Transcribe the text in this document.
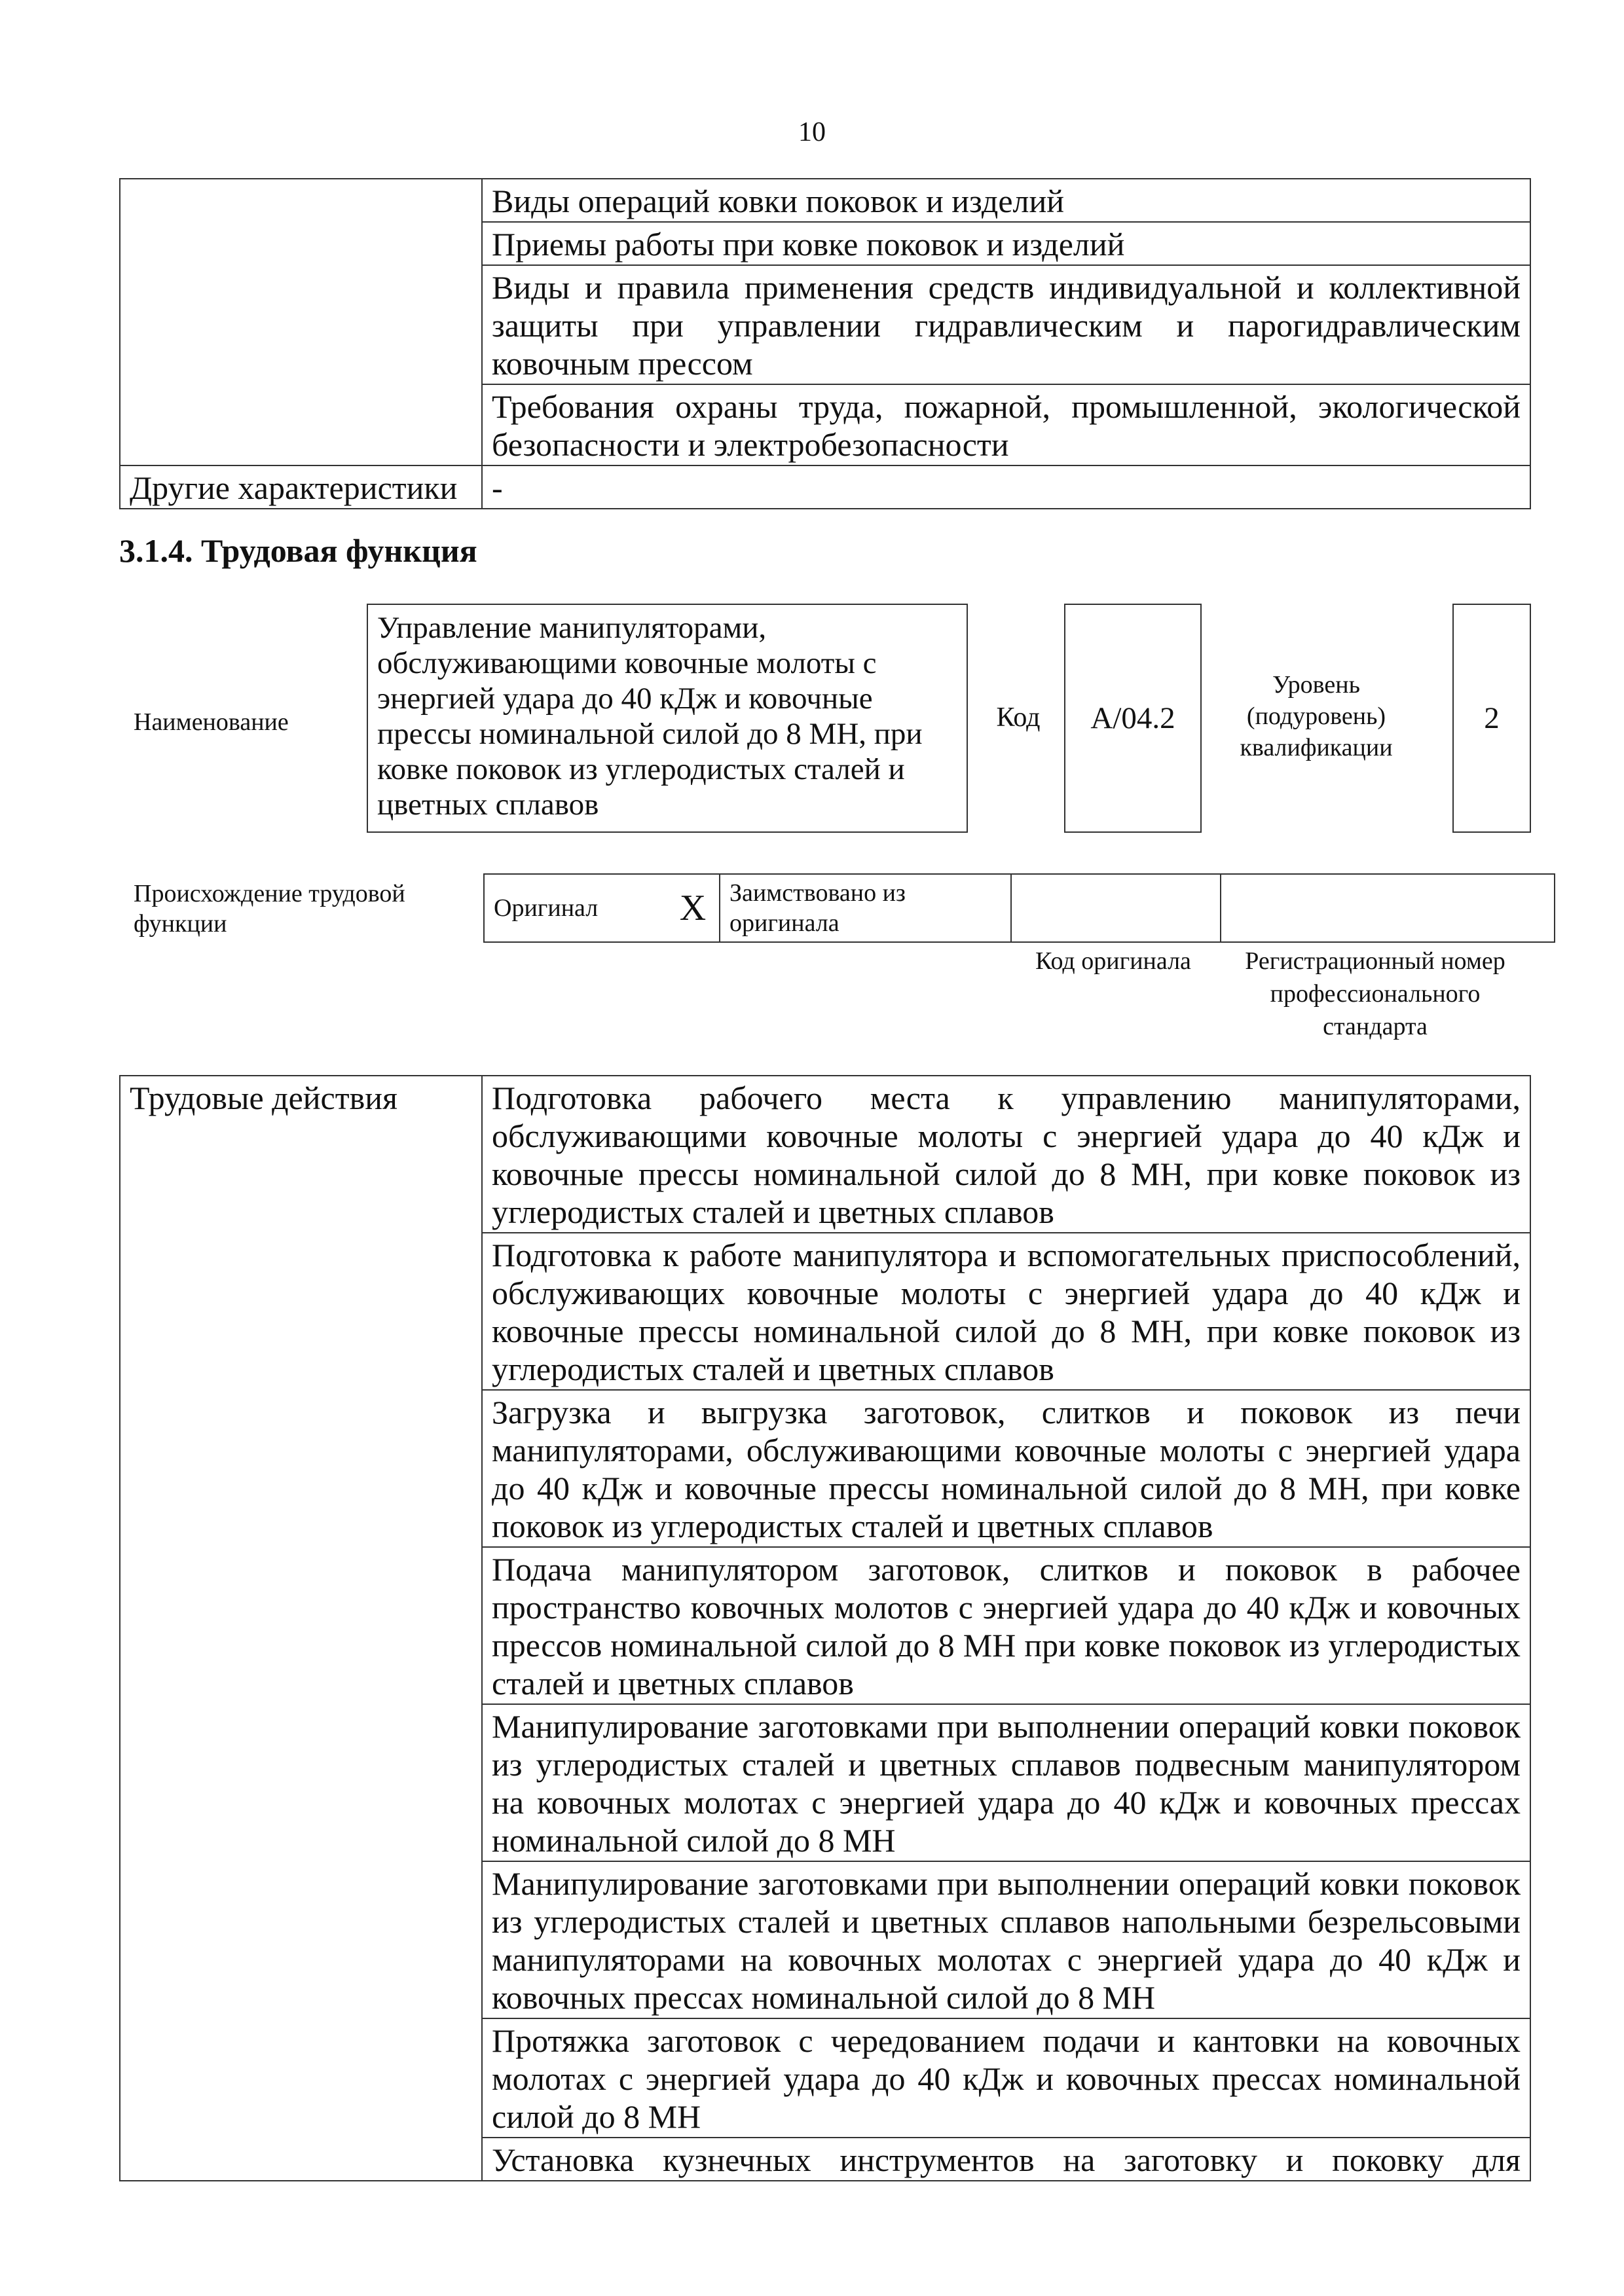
10
	Виды операций ковки поковок и изделий
	Приемы работы при ковке поковок и изделий
	Виды и правила применения средств индивидуальной и коллективной защиты при управлении гидравлическим и парогидравлическим ковочным прессом
	Требования охраны труда, пожарной, промышленной, экологической безопасности и электробезопасности
Другие характеристики	-
3.1.4. Трудовая функция
Наименование
Управление манипуляторами, обслуживающими ковочные молоты с энергией удара до 40 кДж и ковочные прессы номинальной силой до 8 МН, при ковке поковок из углеродистых сталей и цветных сплавов
Код	А/04.2
Уровень (подуровень) квалификации
2
Происхождение трудовой функции
Оригинал	X	Заимствовано из оригинала		
Код оригинала	Регистрационный номер профессионального стандарта
Трудовые действия	Подготовка рабочего места к управлению манипуляторами, обслуживающими ковочные молоты с энергией удара до 40 кДж и ковочные прессы номинальной силой до 8 МН, при ковке поковок из углеродистых сталей и цветных сплавов
Подготовка к работе манипулятора и вспомогательных приспособлений, обслуживающих ковочные молоты с энергией удара до 40 кДж и ковочные прессы номинальной силой до 8 МН, при ковке поковок из углеродистых сталей и цветных сплавов
Загрузка и выгрузка заготовок, слитков и поковок из печи манипуляторами, обслуживающими ковочные молоты с энергией удара до 40 кДж и ковочные прессы номинальной силой до 8 МН, при ковке поковок из углеродистых сталей и цветных сплавов
Подача манипулятором заготовок, слитков и поковок в рабочее пространство ковочных молотов с энергией удара до 40 кДж и ковочных прессов номинальной силой до 8 МН при ковке поковок из углеродистых сталей и цветных сплавов
Манипулирование заготовками при выполнении операций ковки поковок из углеродистых сталей и цветных сплавов подвесным манипулятором на ковочных молотах с энергией удара до 40 кДж и ковочных прессах номинальной силой до 8 МН
Манипулирование заготовками при выполнении операций ковки поковок из углеродистых сталей и цветных сплавов напольными безрельсовыми манипуляторами на ковочных молотах с энергией удара до 40 кДж и ковочных прессах номинальной силой до 8 МН
Протяжка заготовок с чередованием подачи и кантовки на ковочных молотах с энергией удара до 40 кДж и ковочных прессах номинальной силой до 8 МН
Установка кузнечных инструментов на заготовку и поковку для
